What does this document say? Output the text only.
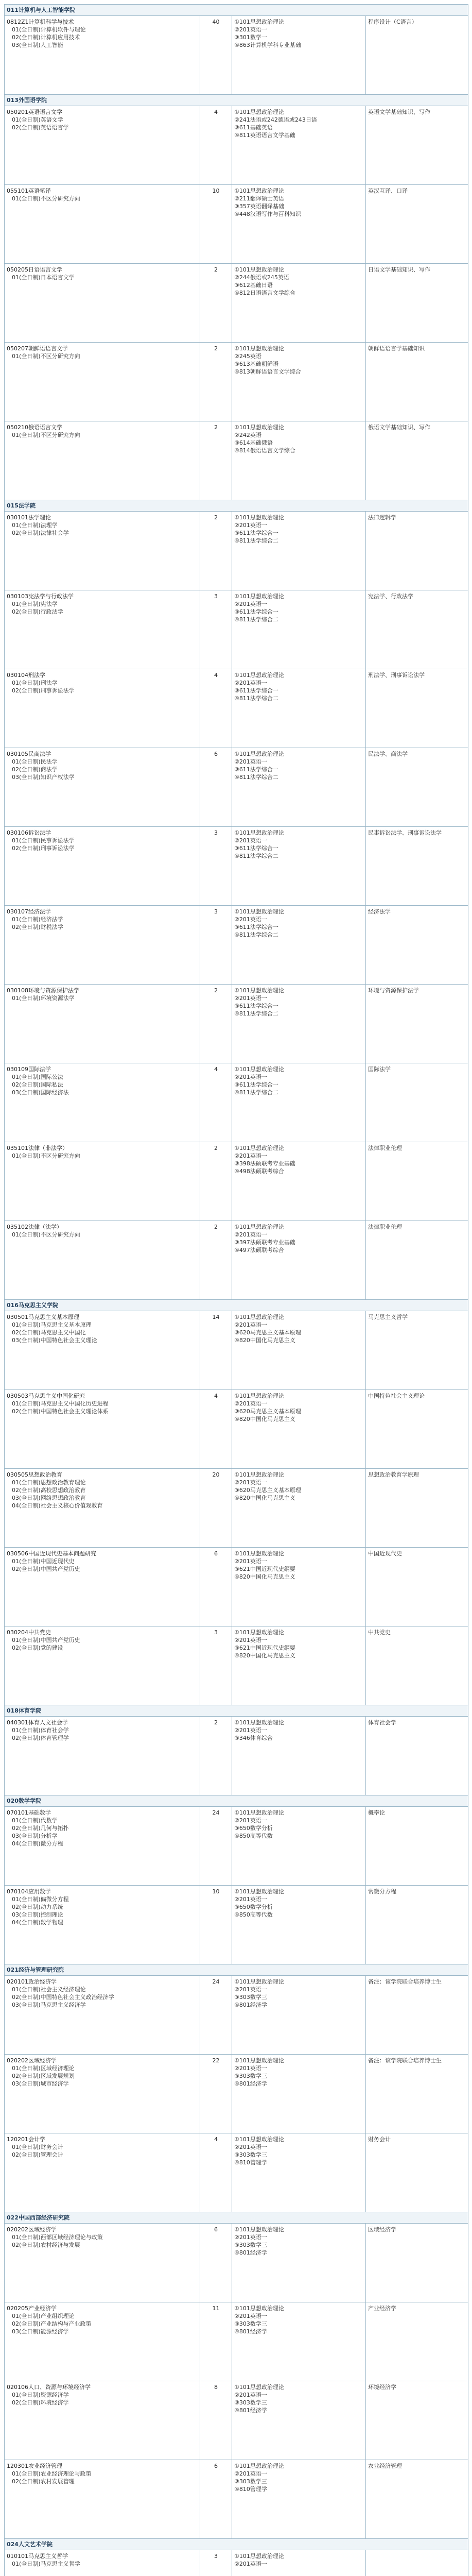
011计算机与人工智能学院			

0812Z1计算机科学与技术
01(全日制)计算机软件与理论
02(全日制)计算机应用技术
03(全日制)人工智能	40	①101思想政治理论
②201英语一
③301数学一
④863计算机学科专业基础	程序设计（C语言）

013外国语学院			

050201英语语言文学
01(全日制)英语文学
02(全日制)英语语言学	4	①101思想政治理论
②241法语或242德语或243日语
③611基础英语
④811英语语言文学基础	英语文学基础知识、写作

055101英语笔译
01(全日制)不区分研究方向	10	①101思想政治理论
②211翻译硕士英语
③357英语翻译基础
④448汉语写作与百科知识	英汉互译、口译

050205日语语言文学
01(全日制)日本语言文学	2	①101思想政治理论
②244俄语或245英语
③612基础日语
④812日语语言文学综合	日语文学基础知识、写作

050207朝鲜语语言文学
01(全日制)不区分研究方向	2	①101思想政治理论
②245英语
③613基础朝鲜语
④813朝鲜语语言文学综合	朝鲜语语言学基础知识

050210俄语语言文学
01(全日制)不区分研究方向	2	①101思想政治理论
②242英语
③614基础俄语
④814俄语语言文学综合	俄语文学基础知识、写作

015法学院			

030101法学理论
01(全日制)法理学
02(全日制)法律社会学	2	①101思想政治理论
②201英语一
③611法学综合一
④811法学综合二	法律逻辑学

030103宪法学与行政法学
01(全日制)宪法学
02(全日制)行政法学	3	①101思想政治理论
②201英语一
③611法学综合一
④811法学综合二	宪法学、行政法学

030104刑法学
01(全日制)刑法学
02(全日制)刑事诉讼法学	4	①101思想政治理论
②201英语一
③611法学综合一
④811法学综合二	刑法学、刑事诉讼法学

030105民商法学
01(全日制)民法学
02(全日制)商法学
03(全日制)知识产权法学	6	①101思想政治理论
②201英语一
③611法学综合一
④811法学综合二	民法学、商法学

030106诉讼法学
01(全日制)民事诉讼法学
02(全日制)刑事诉讼法学	3	①101思想政治理论
②201英语一
③611法学综合一
④811法学综合二	民事诉讼法学、刑事诉讼法学

030107经济法学
01(全日制)经济法学
02(全日制)财税法学	3	①101思想政治理论
②201英语一
③611法学综合一
④811法学综合二	经济法学

030108环境与资源保护法学
01(全日制)环境资源法学	2	①101思想政治理论
②201英语一
③611法学综合一
④811法学综合二	环境与资源保护法学

030109国际法学
01(全日制)国际公法
02(全日制)国际私法
03(全日制)国际经济法	4	①101思想政治理论
②201英语一
③611法学综合一
④811法学综合二	国际法学

035101法律（非法学）
01(全日制)不区分研究方向	2	①101思想政治理论
②201英语一
③398法硕联考专业基础
④498法硕联考综合	法律职业伦理

035102法律（法学）
01(全日制)不区分研究方向	2	①101思想政治理论
②201英语一
③397法硕联考专业基础
④497法硕联考综合	法律职业伦理

016马克思主义学院			

030501马克思主义基本原理
01(全日制)马克思主义基本原理
02(全日制)马克思主义中国化
03(全日制)中国特色社会主义理论	14	①101思想政治理论
②201英语一
③620马克思主义基本原理
④820中国化马克思主义	马克思主义哲学

030503马克思主义中国化研究
01(全日制)马克思主义中国化历史进程
02(全日制)中国特色社会主义理论体系	4	①101思想政治理论
②201英语一
③620马克思主义基本原理
④820中国化马克思主义	中国特色社会主义理论

030505思想政治教育
01(全日制)思想政治教育理论
02(全日制)高校思想政治教育
03(全日制)网络思想政治教育
04(全日制)社会主义核心价值观教育	20	①101思想政治理论
②201英语一
③620马克思主义基本原理
④820中国化马克思主义	思想政治教育学原理

030506中国近现代史基本问题研究
01(全日制)中国近现代史
02(全日制)中国共产党历史	6	①101思想政治理论
②201英语一
③621中国近现代史纲要
④820中国化马克思主义	中国近现代史

030204中共党史
01(全日制)中国共产党历史
02(全日制)党的建设	3	①101思想政治理论
②201英语一
③621中国近现代史纲要
④820中国化马克思主义	中共党史

018体育学院			

040301体育人文社会学
01(全日制)体育社会学
02(全日制)体育管理学	2	①101思想政治理论
②201英语一
③346体育综合	体育社会学

020数学学院			

070101基础数学
01(全日制)代数学
02(全日制)几何与拓扑
03(全日制)分析学
04(全日制)微分方程	24	①101思想政治理论
②201英语一
③650数学分析
④850高等代数	概率论

070104应用数学
01(全日制)偏微分方程
02(全日制)动力系统
03(全日制)控制理论
04(全日制)数学物理	10	①101思想政治理论
②201英语一
③650数学分析
④850高等代数	常微分方程

021经济与管理研究院			

020101政治经济学
01(全日制)社会主义经济理论
02(全日制)中国特色社会主义政治经济学
03(全日制)马克思主义经济学	24	①101思想政治理论
②201英语一
③303数学三
④801经济学	备注：该学院联合培养博士生

020202区域经济学
01(全日制)区域经济理论
02(全日制)区域发展规划
03(全日制)城市经济学	22	①101思想政治理论
②201英语一
③303数学三
④801经济学	备注：该学院联合培养博士生

120201会计学
01(全日制)财务会计
02(全日制)管理会计	4	①101思想政治理论
②201英语一
③303数学三
④810管理学	财务会计

022中国西部经济研究院			

020202区域经济学
01(全日制)西部区域经济理论与政策
02(全日制)农村经济与发展	6	①101思想政治理论
②201英语一
③303数学三
④801经济学	区域经济学

020205产业经济学
01(全日制)产业组织理论
02(全日制)产业结构与产业政策
03(全日制)能源经济学	11	①101思想政治理论
②201英语一
③303数学三
④801经济学	产业经济学

020106人口、资源与环境经济学
01(全日制)资源经济学
02(全日制)环境经济学	8	①101思想政治理论
②201英语一
③303数学三
④801经济学	环境经济学

120301农业经济管理
01(全日制)农业经济理论与政策
02(全日制)农村发展管理	6	①101思想政治理论
②201英语一
③303数学三
④810管理学	农业经济管理

024人文艺术学院			

010101马克思主义哲学
01(全日制)马克思主义哲学	3	①101思想政治理论
②201英语一	
